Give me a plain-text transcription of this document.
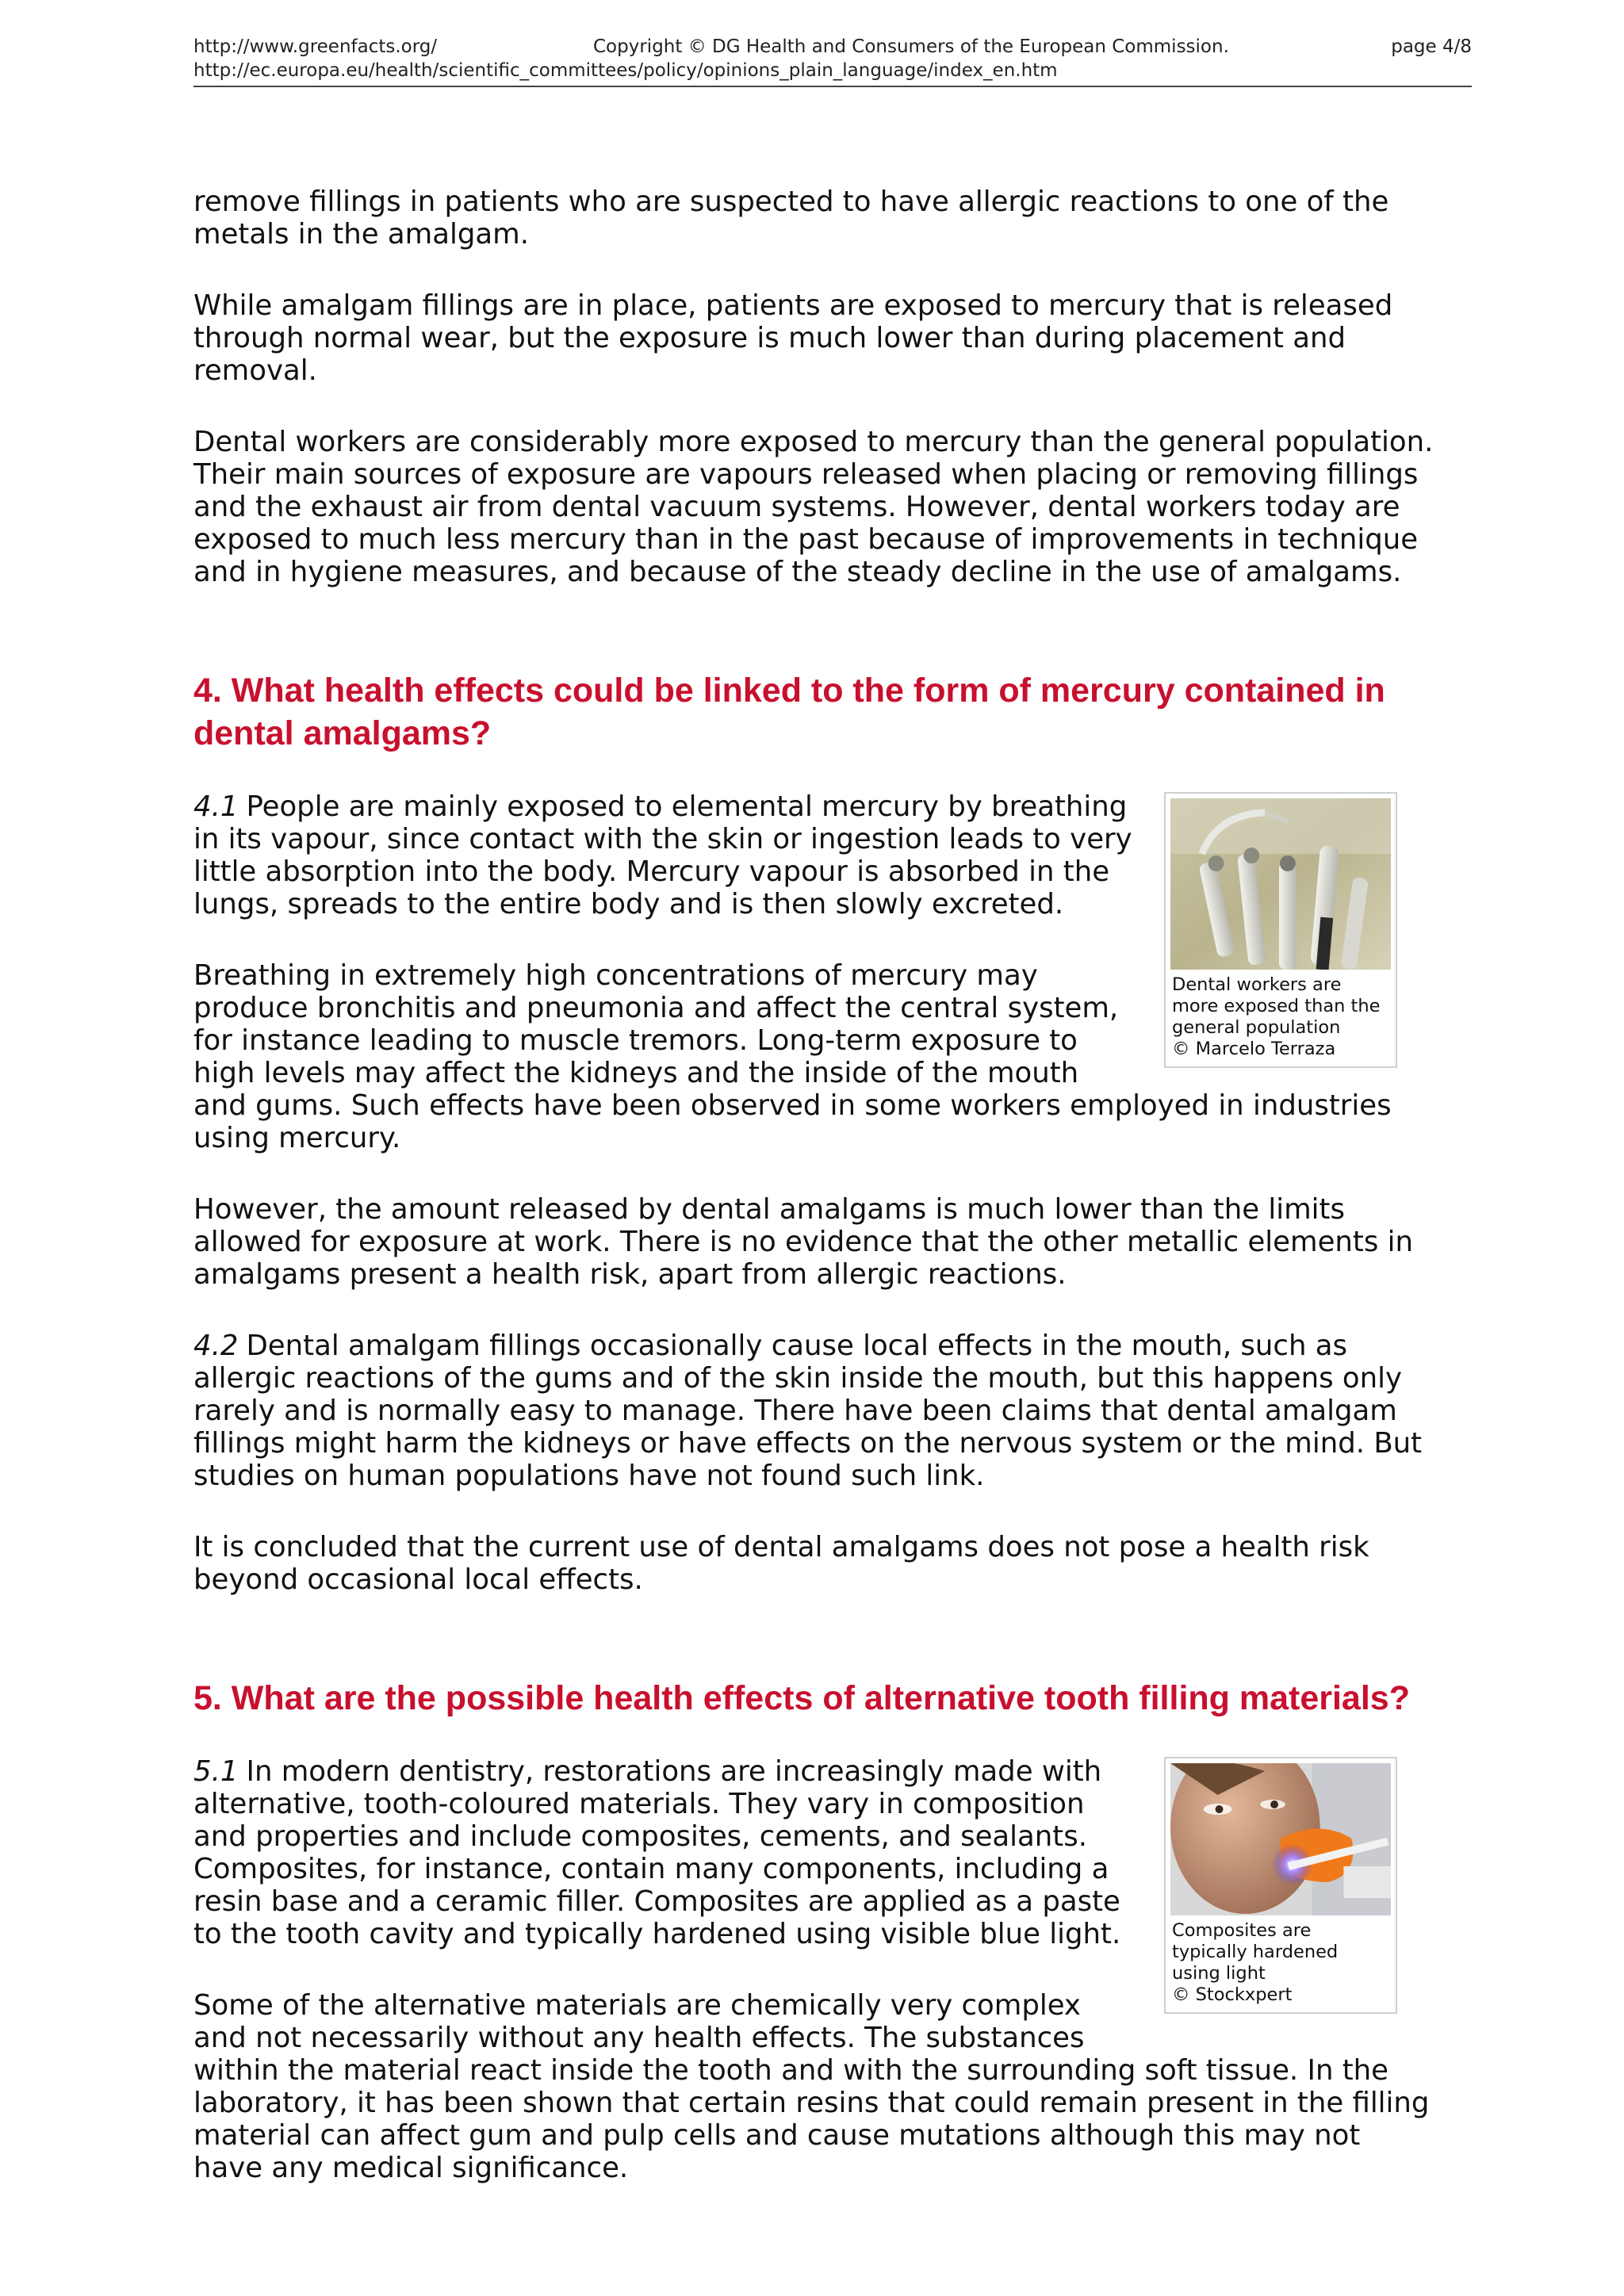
http://www.greenfacts.org/	Copyright © DG Health and Consumers of the European Commission.	page 4/8
http://ec.europa.eu/health/scientific_committees/policy/opinions_plain_language/index_en.htm

remove fillings in patients who are suspected to have allergic reactions to one of the metals in the amalgam.

While amalgam fillings are in place, patients are exposed to mercury that is released through normal wear, but the exposure is much lower than during placement and removal.

Dental workers are considerably more exposed to mercury than the general population. Their main sources of exposure are vapours released when placing or removing fillings and the exhaust air from dental vacuum systems. However, dental workers today are exposed to much less mercury than in the past because of improvements in technique and in hygiene measures, and because of the steady decline in the use of amalgams.

4. What health effects could be linked to the form of mercury contained in dental amalgams?
Dental workers are more exposed than the general population
© Marcelo Terraza

4.1 People are mainly exposed to elemental mercury by breathing in its vapour, since contact with the skin or ingestion leads to very little absorption into the body. Mercury vapour is absorbed in the lungs, spreads to the entire body and is then slowly excreted.

Breathing in extremely high concentrations of mercury may produce bronchitis and pneumonia and affect the central system, for instance leading to muscle tremors. Long-term exposure to high levels may affect the kidneys and the inside of the mouth and gums. Such effects have been observed in some workers employed in industries using mercury.

However, the amount released by dental amalgams is much lower than the limits allowed for exposure at work. There is no evidence that the other metallic elements in amalgams present a health risk, apart from allergic reactions.

4.2 Dental amalgam fillings occasionally cause local effects in the mouth, such as allergic reactions of the gums and of the skin inside the mouth, but this happens only rarely and is normally easy to manage. There have been claims that dental amalgam fillings might harm the kidneys or have effects on the nervous system or the mind. But studies on human populations have not found such link.

It is concluded that the current use of dental amalgams does not pose a health risk beyond occasional local effects.

5. What are the possible health effects of alternative tooth filling materials?
Composites are typically hardened using light
© Stockxpert

5.1 In modern dentistry, restorations are increasingly made with alternative, tooth-coloured materials. They vary in composition and properties and include composites, cements, and sealants. Composites, for instance, contain many components, including a resin base and a ceramic filler. Composites are applied as a paste to the tooth cavity and typically hardened using visible blue light.

Some of the alternative materials are chemically very complex and not necessarily without any health effects. The substances within the material react inside the tooth and with the surrounding soft tissue. In the laboratory, it has been shown that certain resins that could remain present in the filling material can affect gum and pulp cells and cause mutations although this may not have any medical significance.
